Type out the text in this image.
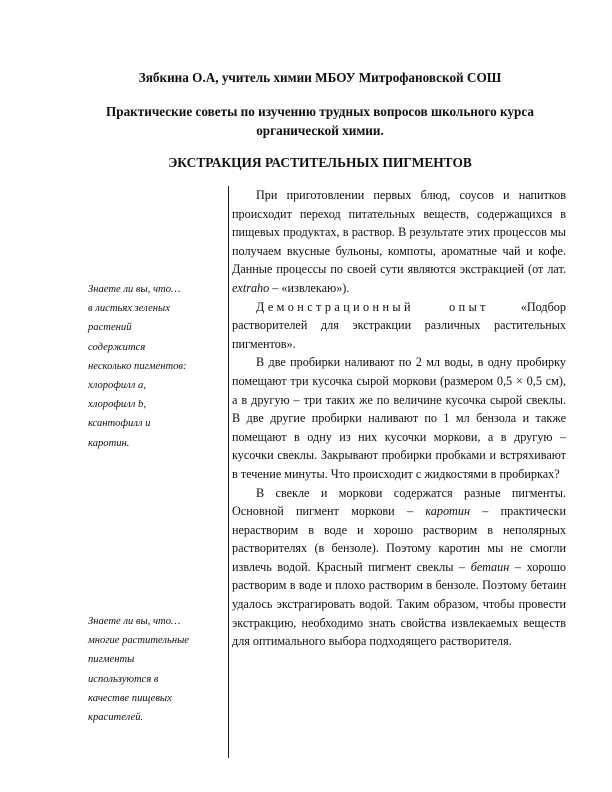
Зябкина О.А, учитель химии МБОУ Митрофановской СОШ
Практические советы по изучению трудных вопросов школьного курса
органической химии.
ЭКСТРАКЦИЯ РАСТИТЕЛЬНЫХ ПИГМЕНТОВ
Знаете ли вы, что…
в листьях зеленых
растений
содержится
несколько пигментов:
хлорофилл a,
хлорофилл b,
ксантофилл и
каротин.
Знаете ли вы, что…
многие растительные
пигменты
используются в
качестве пищевых
красителей.

При приготовлении первых блюд, соусов и напитков происходит переход питательных веществ, содержащихся в пищевых продуктах, в раствор. В результате этих процессов мы получаем вкусные бульоны, компоты, ароматные чай и кофе. Данные процессы по своей сути являются экстракцией (от лат. extraho – «извлекаю»).

Демонстрационный опыт «Подбор растворителей для экстракции различных растительных пигментов».

В две пробирки наливают по 2 мл воды, в одну пробирку помещают три кусочка сырой моркови (размером 0,5 × 0,5 см), а в другую – три таких же по величине кусочка сырой свеклы. В две другие пробирки наливают по 1 мл бензола и также помещают в одну из них кусочки моркови, а в другую – кусочки свеклы. Закрывают пробирки пробками и встряхивают в течение минуты. Что происходит с жидкостями в пробирках?

В свекле и моркови содержатся разные пигменты. Основной пигмент моркови – каротин – практически нерастворим в воде и хорошо растворим в неполярных растворителях (в бензоле). Поэтому каротин мы не смогли извлечь водой. Красный пигмент свеклы – бетаин – хорошо растворим в воде и плохо растворим в бензоле. Поэтому бетаин удалось экстрагировать водой. Таким образом, чтобы провести экстракцию, необходимо знать свойства извлекаемых веществ для оптимального выбора подходящего растворителя.
